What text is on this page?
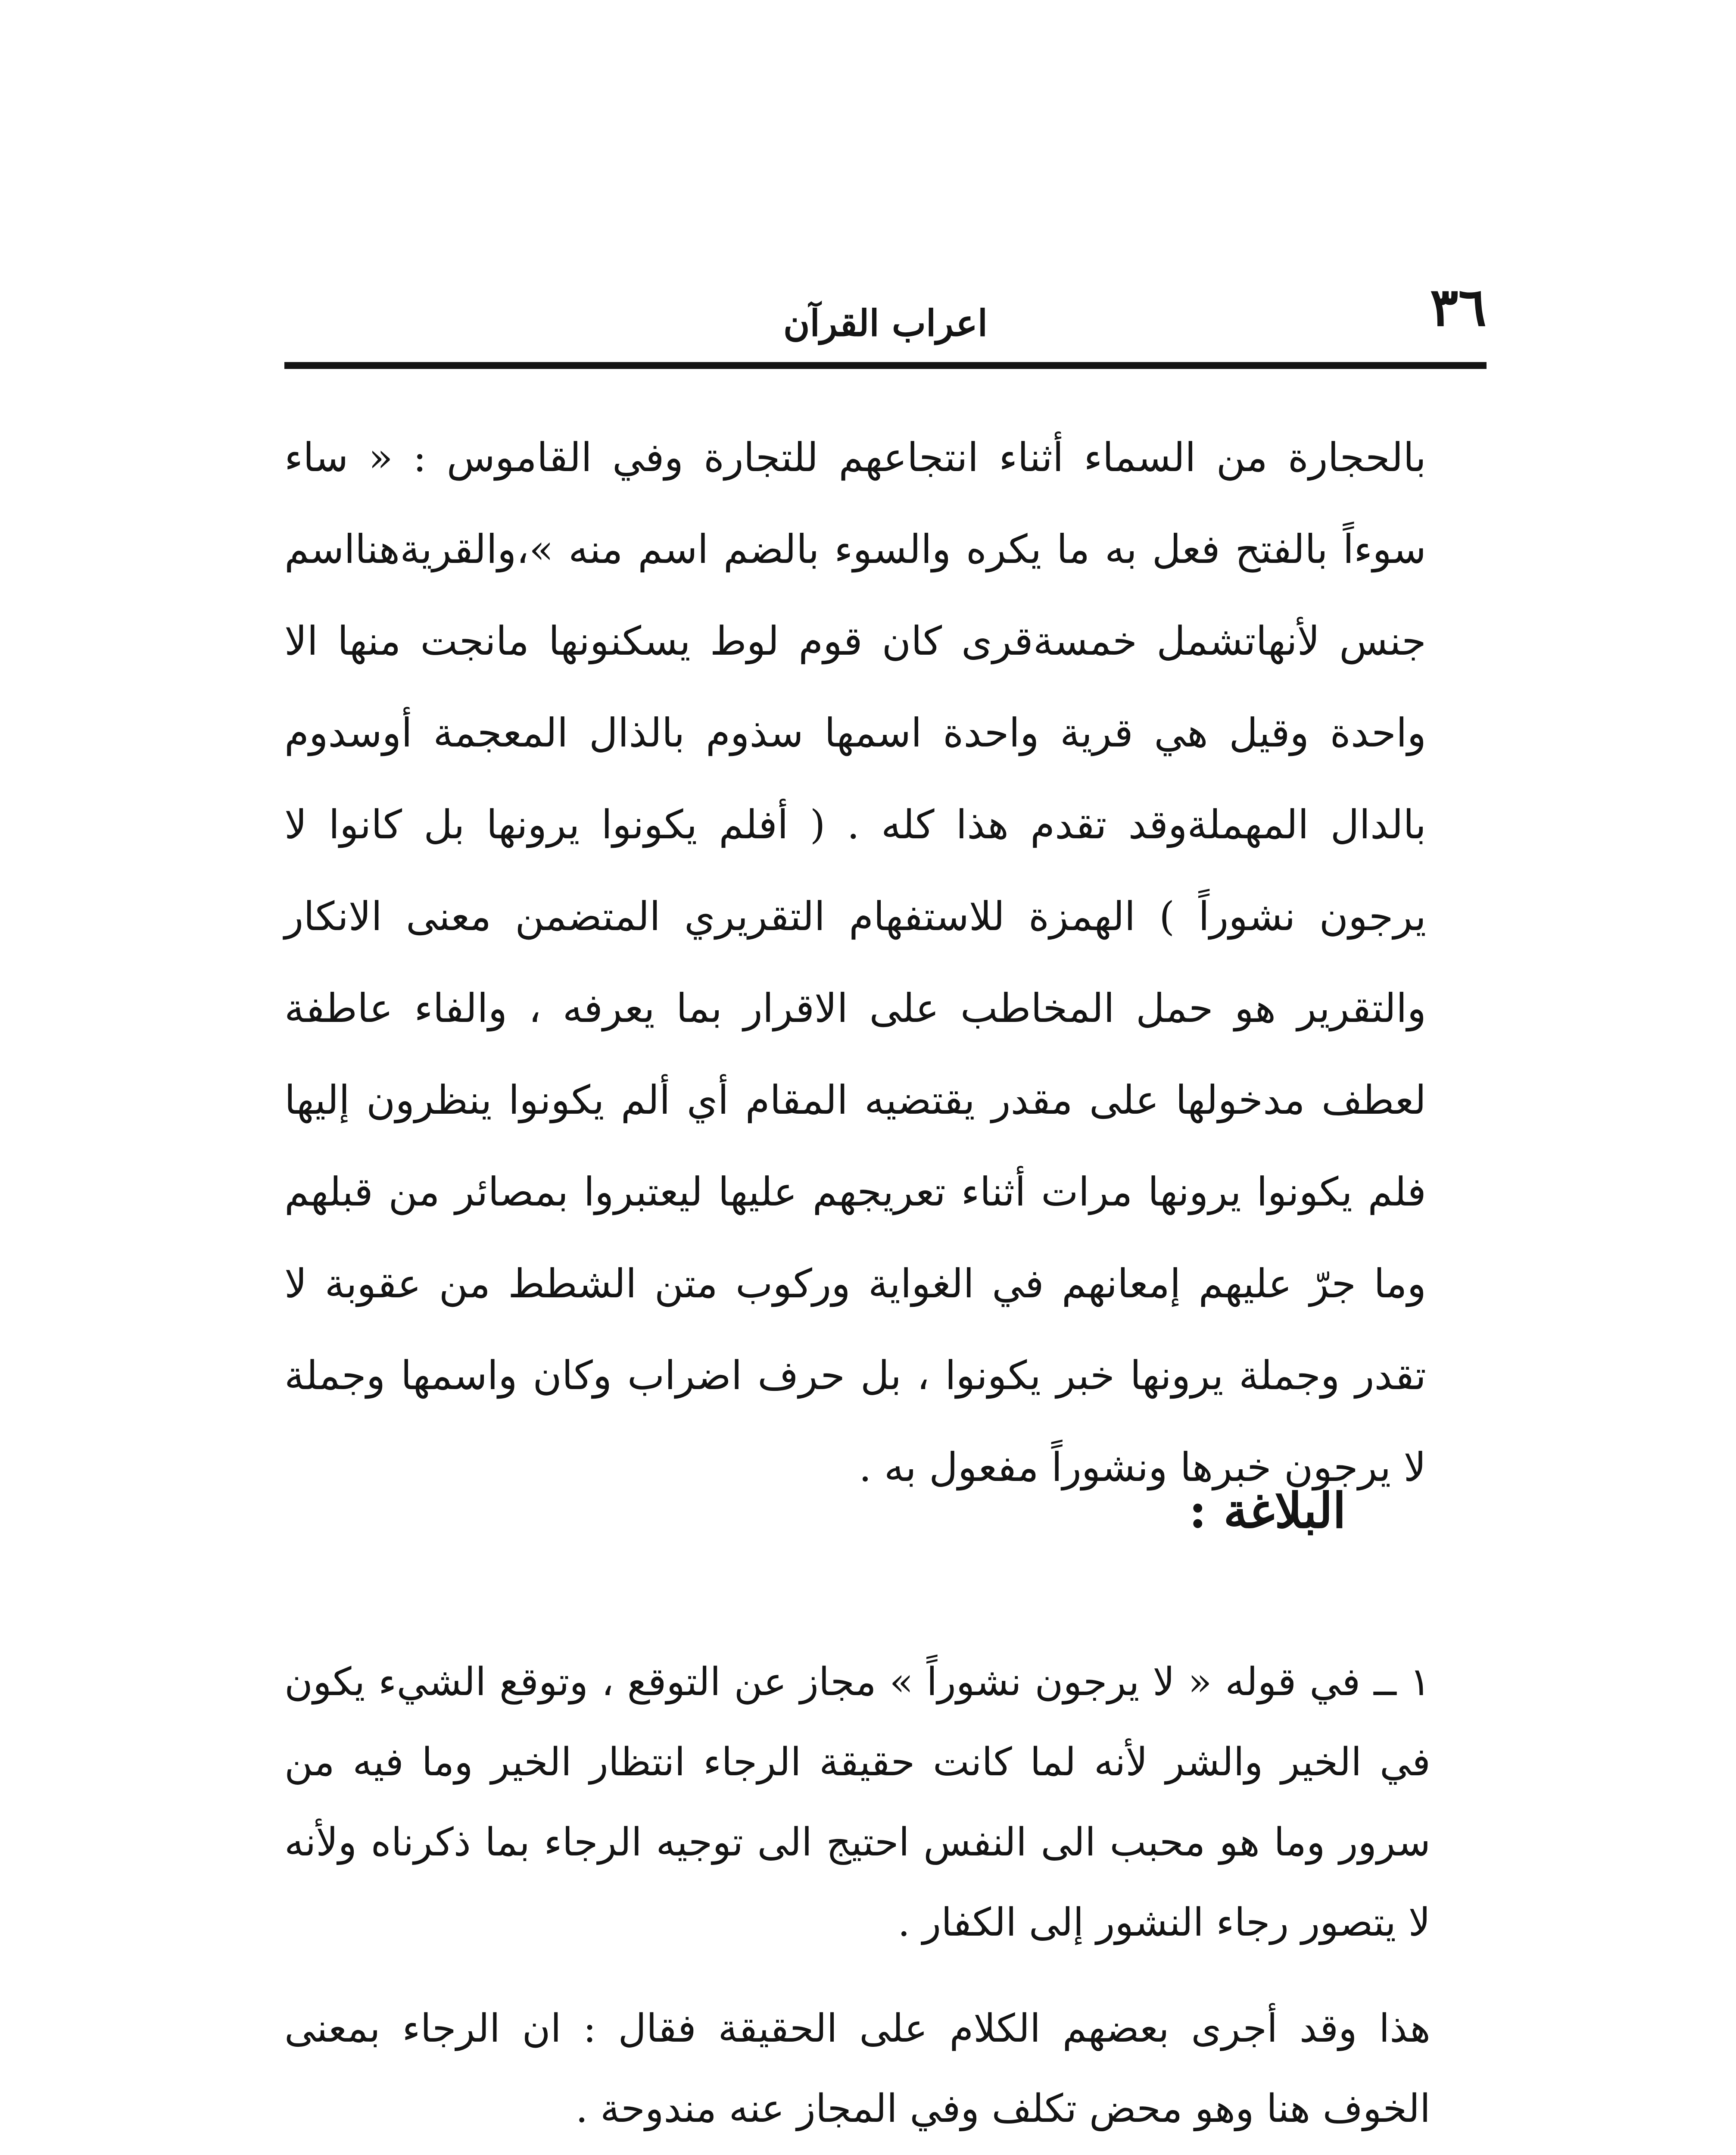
٣٦
اعراب القرآن

بالحجارة من السماء أثناء انتجاعهم للتجارة وفي القاموس : « ساء سوءاً بالفتح فعل به ما يكره والسوء بالضم اسم منه »،والقريةهنااسم جنس لأنهاتشمل خمسةقرى كان قوم لوط يسكنونها مانجت منها الا واحدة وقيل هي قرية واحدة اسمها سذوم بالذال المعجمة أوسدوم بالدال المهملةوقد تقدم هذا كله . ( أفلم يكونوا يرونها بل كانوا لا يرجون نشوراً ) الهمزة للاستفهام التقريري المتضمن معنى الانكار والتقرير هو حمل المخاطب على الاقرار بما يعرفه ، والفاء عاطفة لعطف مدخولها على مقدر يقتضيه المقام أي ألم يكونوا ينظرون إليها فلم يكونوا يرونها مرات أثناء تعريجهم عليها ليعتبروا بمصائر من قبلهم وما جرّ عليهم إمعانهم في الغواية وركوب متن الشطط من عقوبة لا تقدر وجملة يرونها خبر يكونوا ، بل حرف اضراب وكان واسمها وجملة لا يرجون خبرها ونشوراً مفعول به .

البلاغة :

١ ــ في قوله « لا يرجون نشوراً » مجاز عن التوقع ، وتوقع الشيء يكون في الخير والشر لأنه لما كانت حقيقة الرجاء انتظار الخير وما فيه من سرور وما هو محبب الى النفس احتيج الى توجيه الرجاء بما ذكرناه ولأنه لا يتصور رجاء النشور إلى الكفار .

هذا وقد أجرى بعضهم الكلام على الحقيقة فقال : ان الرجاء بمعنى الخوف هنا وهو محض تكلف وفي المجاز عنه مندوحة .
